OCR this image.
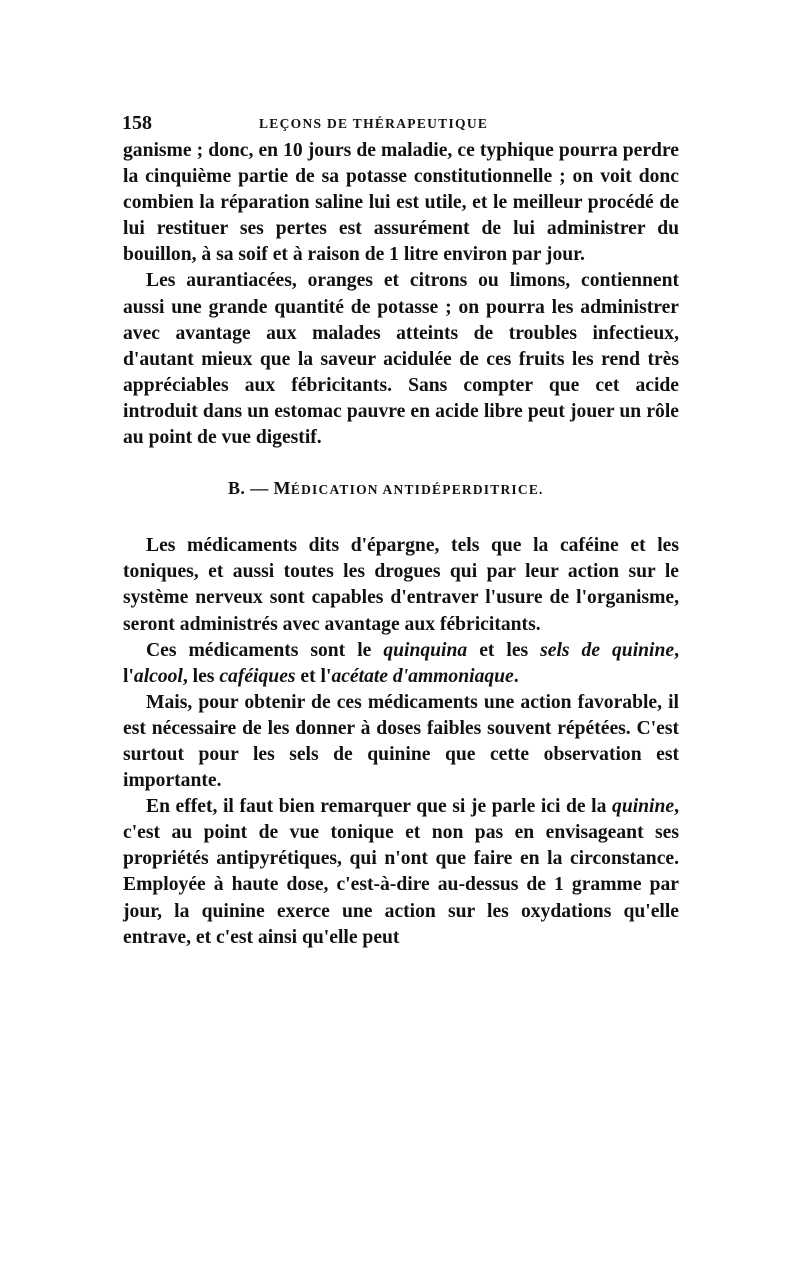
158	LEÇONS DE THÉRAPEUTIQUE

ganisme ; donc, en 10 jours de maladie, ce typhique pourra perdre la cinquième partie de sa potasse constitutionnelle ; on voit donc combien la réparation saline lui est utile, et le meilleur procédé de lui restituer ses pertes est assurément de lui administrer du bouillon, à sa soif et à raison de 1 litre environ par jour.

Les aurantiacées, oranges et citrons ou limons, contiennent aussi une grande quantité de potasse ; on pourra les administrer avec avantage aux malades atteints de troubles infectieux, d'autant mieux que la saveur acidulée de ces fruits les rend très appréciables aux fébricitants. Sans compter que cet acide introduit dans un estomac pauvre en acide libre peut jouer un rôle au point de vue digestif.

B. — MÉDICATION ANTIDÉPERDITRICE.

Les médicaments dits d'épargne, tels que la caféine et les toniques, et aussi toutes les drogues qui par leur action sur le système nerveux sont capables d'entraver l'usure de l'organisme, seront administrés avec avantage aux fébricitants.

Ces médicaments sont le quinquina et les sels de quinine, l'alcool, les caféiques et l'acétate d'ammoniaque.

Mais, pour obtenir de ces médicaments une action favorable, il est nécessaire de les donner à doses faibles souvent répétées. C'est surtout pour les sels de quinine que cette observation est importante.

En effet, il faut bien remarquer que si je parle ici de la quinine, c'est au point de vue tonique et non pas en envisageant ses propriétés antipyrétiques, qui n'ont que faire en la circonstance. Employée à haute dose, c'est-à-dire au-dessus de 1 gramme par jour, la quinine exerce une action sur les oxydations qu'elle entrave, et c'est ainsi qu'elle peut
